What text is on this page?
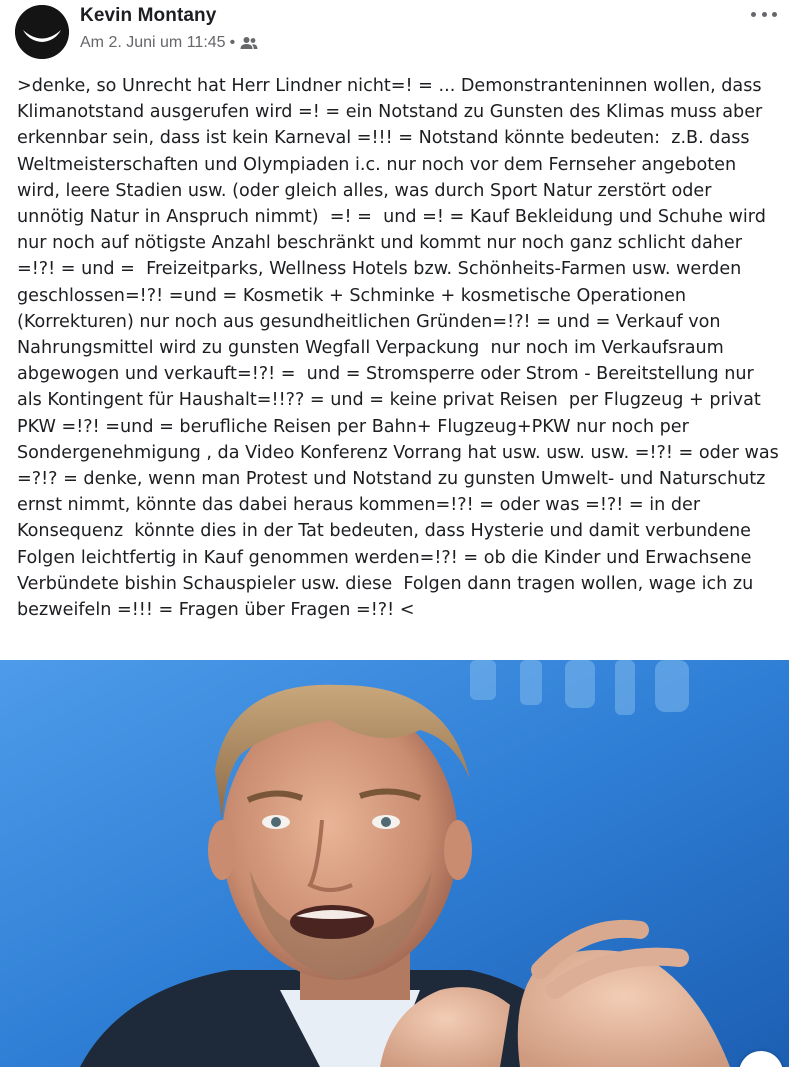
Kevin Montany
Am 2. Juni um 11:45 •

>denke, so Unrecht hat Herr Lindner nicht=! = ... Demonstranteninnen wollen, dass Klimanotstand ausgerufen wird =! = ein Notstand zu Gunsten des Klimas muss aber erkennbar sein, dass ist kein Karneval =!!! = Notstand könnte bedeuten:  z.B. dass Weltmeisterschaften und Olympiaden i.c. nur noch vor dem Fernseher angeboten wird, leere Stadien usw. (oder gleich alles, was durch Sport Natur zerstört oder unnötig Natur in Anspruch nimmt)  =! =  und =! = Kauf Bekleidung und Schuhe wird nur noch auf nötigste Anzahl beschränkt und kommt nur noch ganz schlicht daher =!?! = und =  Freizeitparks, Wellness Hotels bzw. Schönheits-Farmen usw. werden geschlossen=!?! =und = Kosmetik + Schminke + kosmetische Operationen (Korrekturen) nur noch aus gesundheitlichen Gründen=!?! = und = Verkauf von Nahrungsmittel wird zu gunsten Wegfall Verpackung  nur noch im Verkaufsraum  abgewogen und verkauft=!?! =  und = Stromsperre oder Strom - Bereitstellung nur als Kontingent für Haushalt=!!?? = und = keine privat Reisen  per Flugzeug + privat PKW =!?! =und = berufliche Reisen per Bahn+ Flugzeug+PKW nur noch per Sondergenehmigung , da Video Konferenz Vorrang hat usw. usw. usw. =!?! = oder was =?!? = denke, wenn man Protest und Notstand zu gunsten Umwelt- und Naturschutz ernst nimmt, könnte das dabei heraus kommen=!?! = oder was =!?! = in der Konsequenz  könnte dies in der Tat bedeuten, dass Hysterie und damit verbundene Folgen leichtfertig in Kauf genommen werden=!?! = ob die Kinder und Erwachsene Verbündete bishin Schauspieler usw. diese  Folgen dann tragen wollen, wage ich zu bezweifeln =!!! = Fragen über Fragen =!?! <
